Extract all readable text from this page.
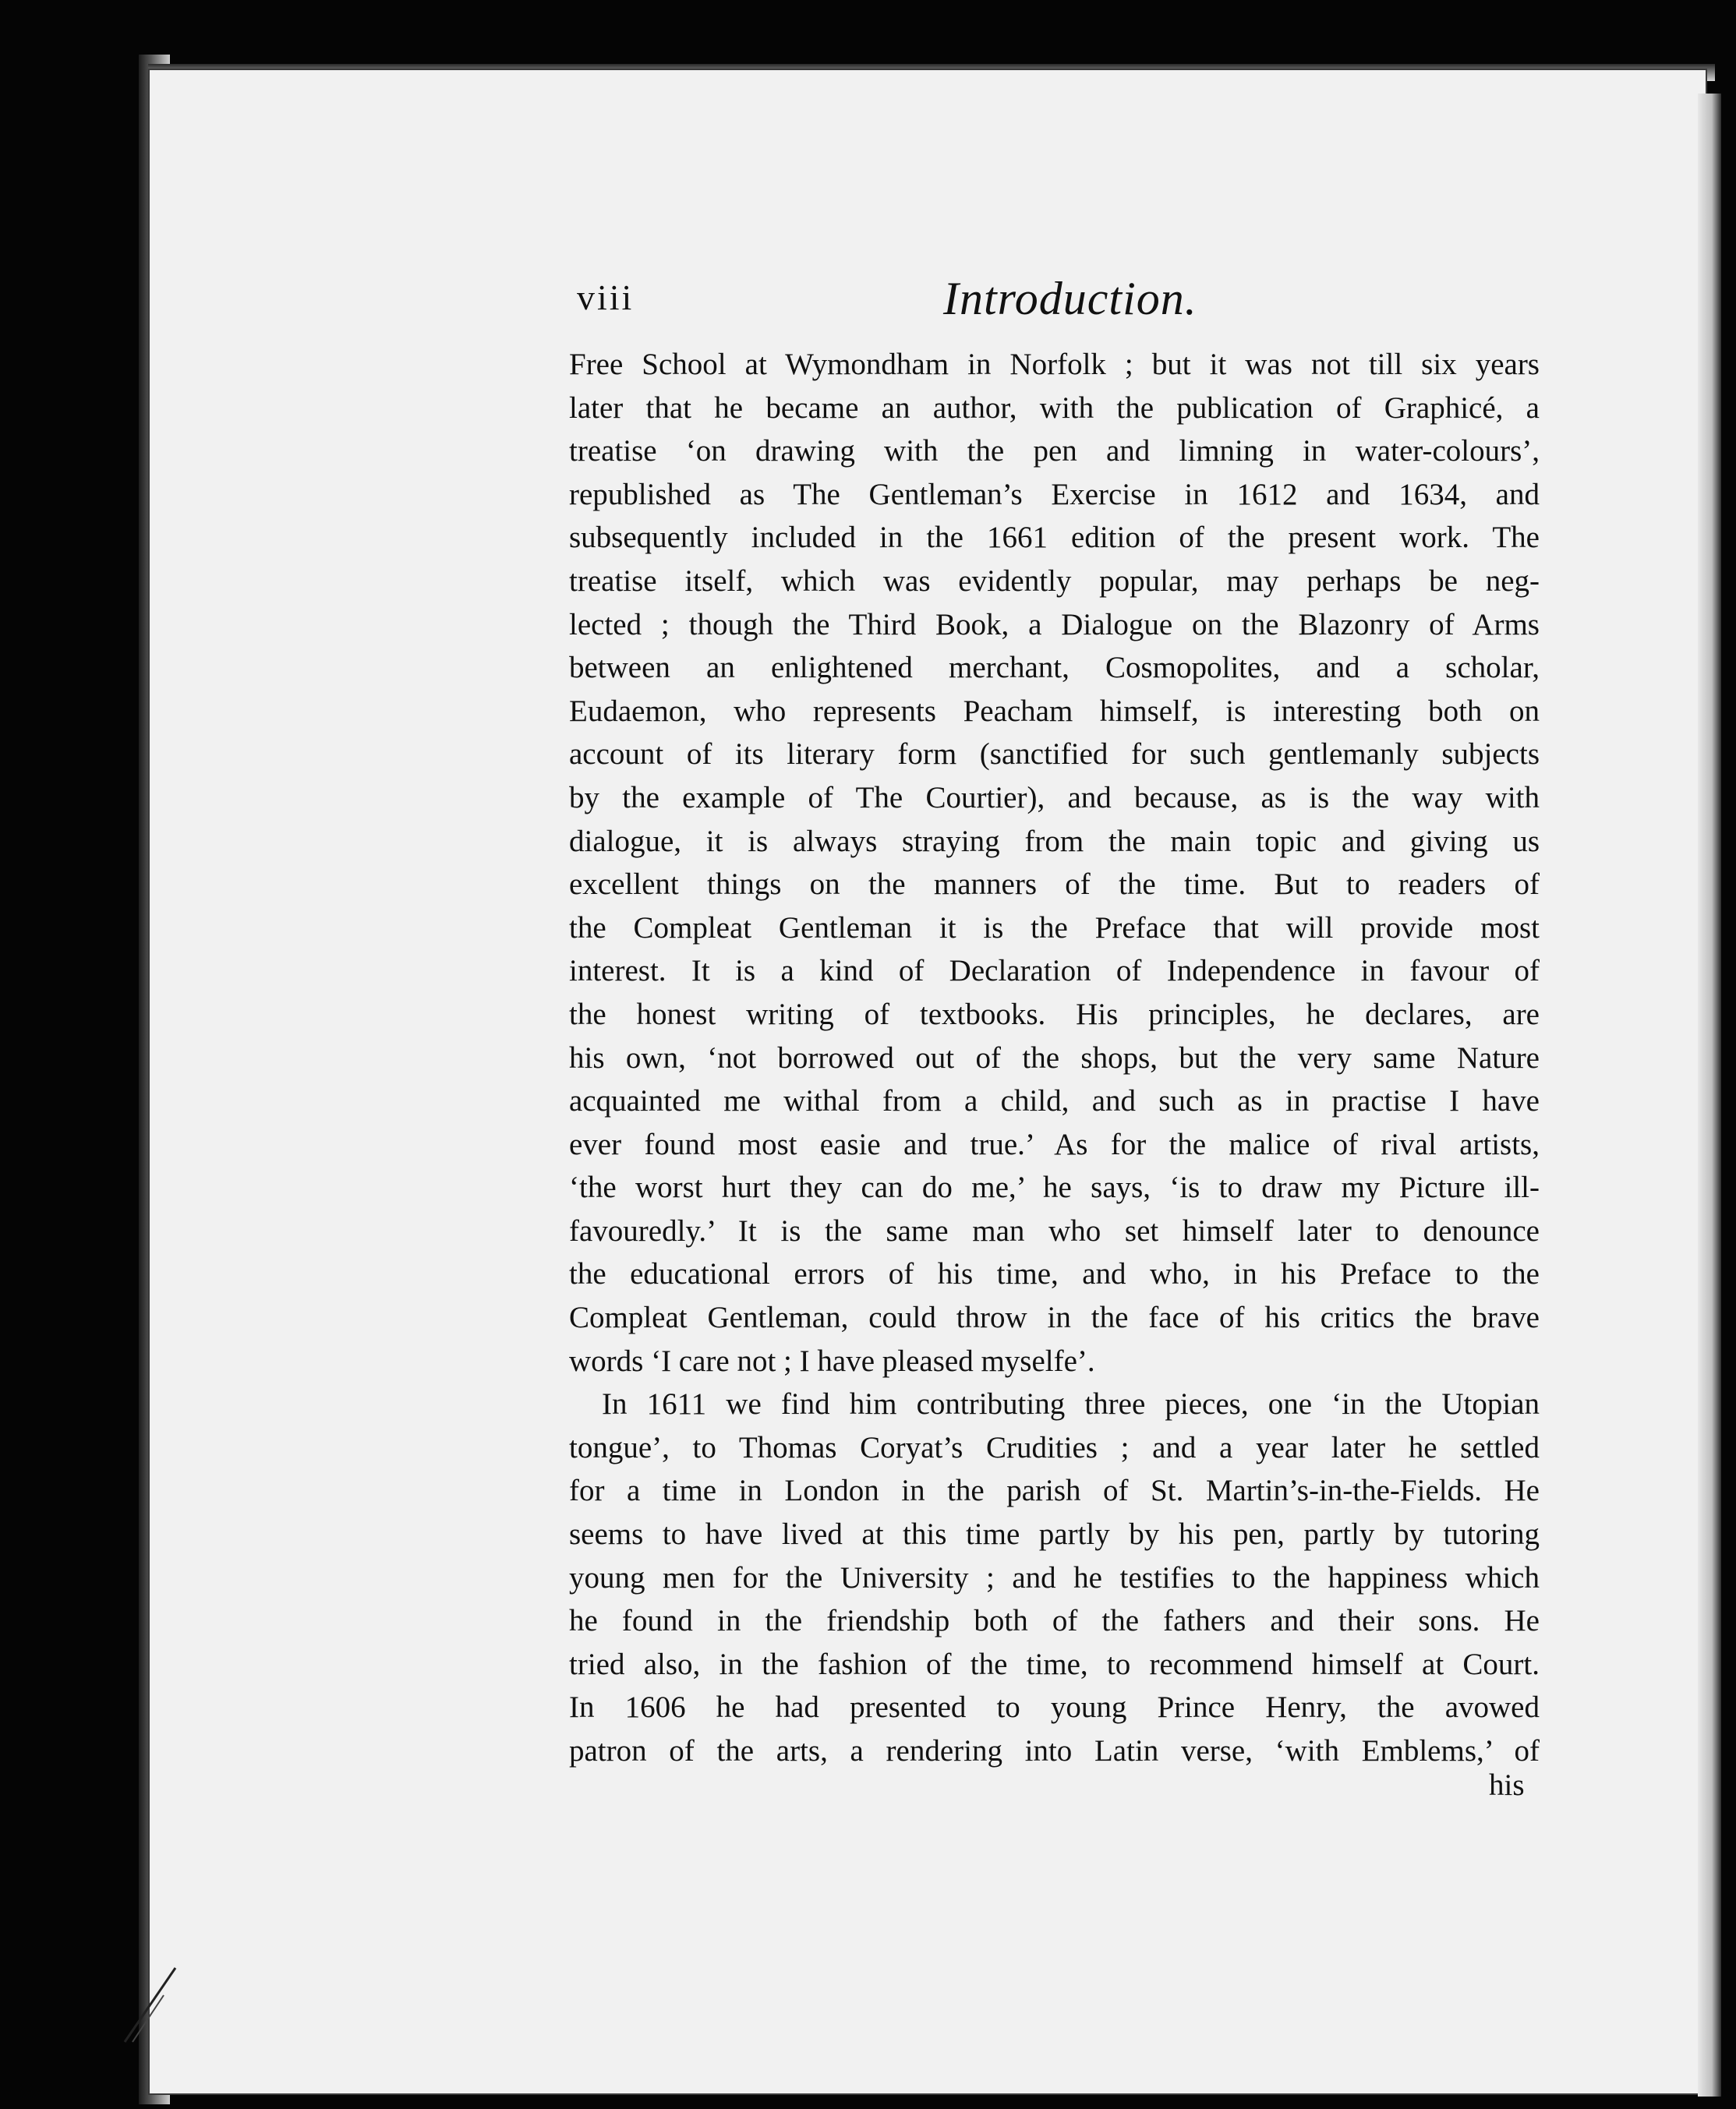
viii	Introduction.
Free School at Wymondham in Norfolk ; but it was not till six years
later that he became an author, with the publication of Graphicé, a
treatise ‘on drawing with the pen and limning in water-colours’,
republished as The Gentleman’s Exercise in 1612 and 1634, and
subsequently included in the 1661 edition of the present work. The
treatise itself, which was evidently popular, may perhaps be neg-
lected ; though the Third Book, a Dialogue on the Blazonry of Arms
between an enlightened merchant, Cosmopolites, and a scholar,
Eudaemon, who represents Peacham himself, is interesting both on
account of its literary form (sanctified for such gentlemanly subjects
by the example of The Courtier), and because, as is the way with
dialogue, it is always straying from the main topic and giving us
excellent things on the manners of the time. But to readers of
the Compleat Gentleman it is the Preface that will provide most
interest. It is a kind of Declaration of Independence in favour of
the honest writing of textbooks. His principles, he declares, are
his own, ‘not borrowed out of the shops, but the very same Nature
acquainted me withal from a child, and such as in practise I have
ever found most easie and true.’ As for the malice of rival artists,
‘the worst hurt they can do me,’ he says, ‘is to draw my Picture ill-
favouredly.’ It is the same man who set himself later to denounce
the educational errors of his time, and who, in his Preface to the
Compleat Gentleman, could throw in the face of his critics the brave
words ‘I care not ; I have pleased myselfe’.
In 1611 we find him contributing three pieces, one ‘in the Utopian
tongue’, to Thomas Coryat’s Crudities ; and a year later he settled
for a time in London in the parish of St. Martin’s-in-the-Fields. He
seems to have lived at this time partly by his pen, partly by tutoring
young men for the University ; and he testifies to the happiness which
he found in the friendship both of the fathers and their sons. He
tried also, in the fashion of the time, to recommend himself at Court.
In 1606 he had presented to young Prince Henry, the avowed
patron of the arts, a rendering into Latin verse, ‘with Emblems,’ of
his
